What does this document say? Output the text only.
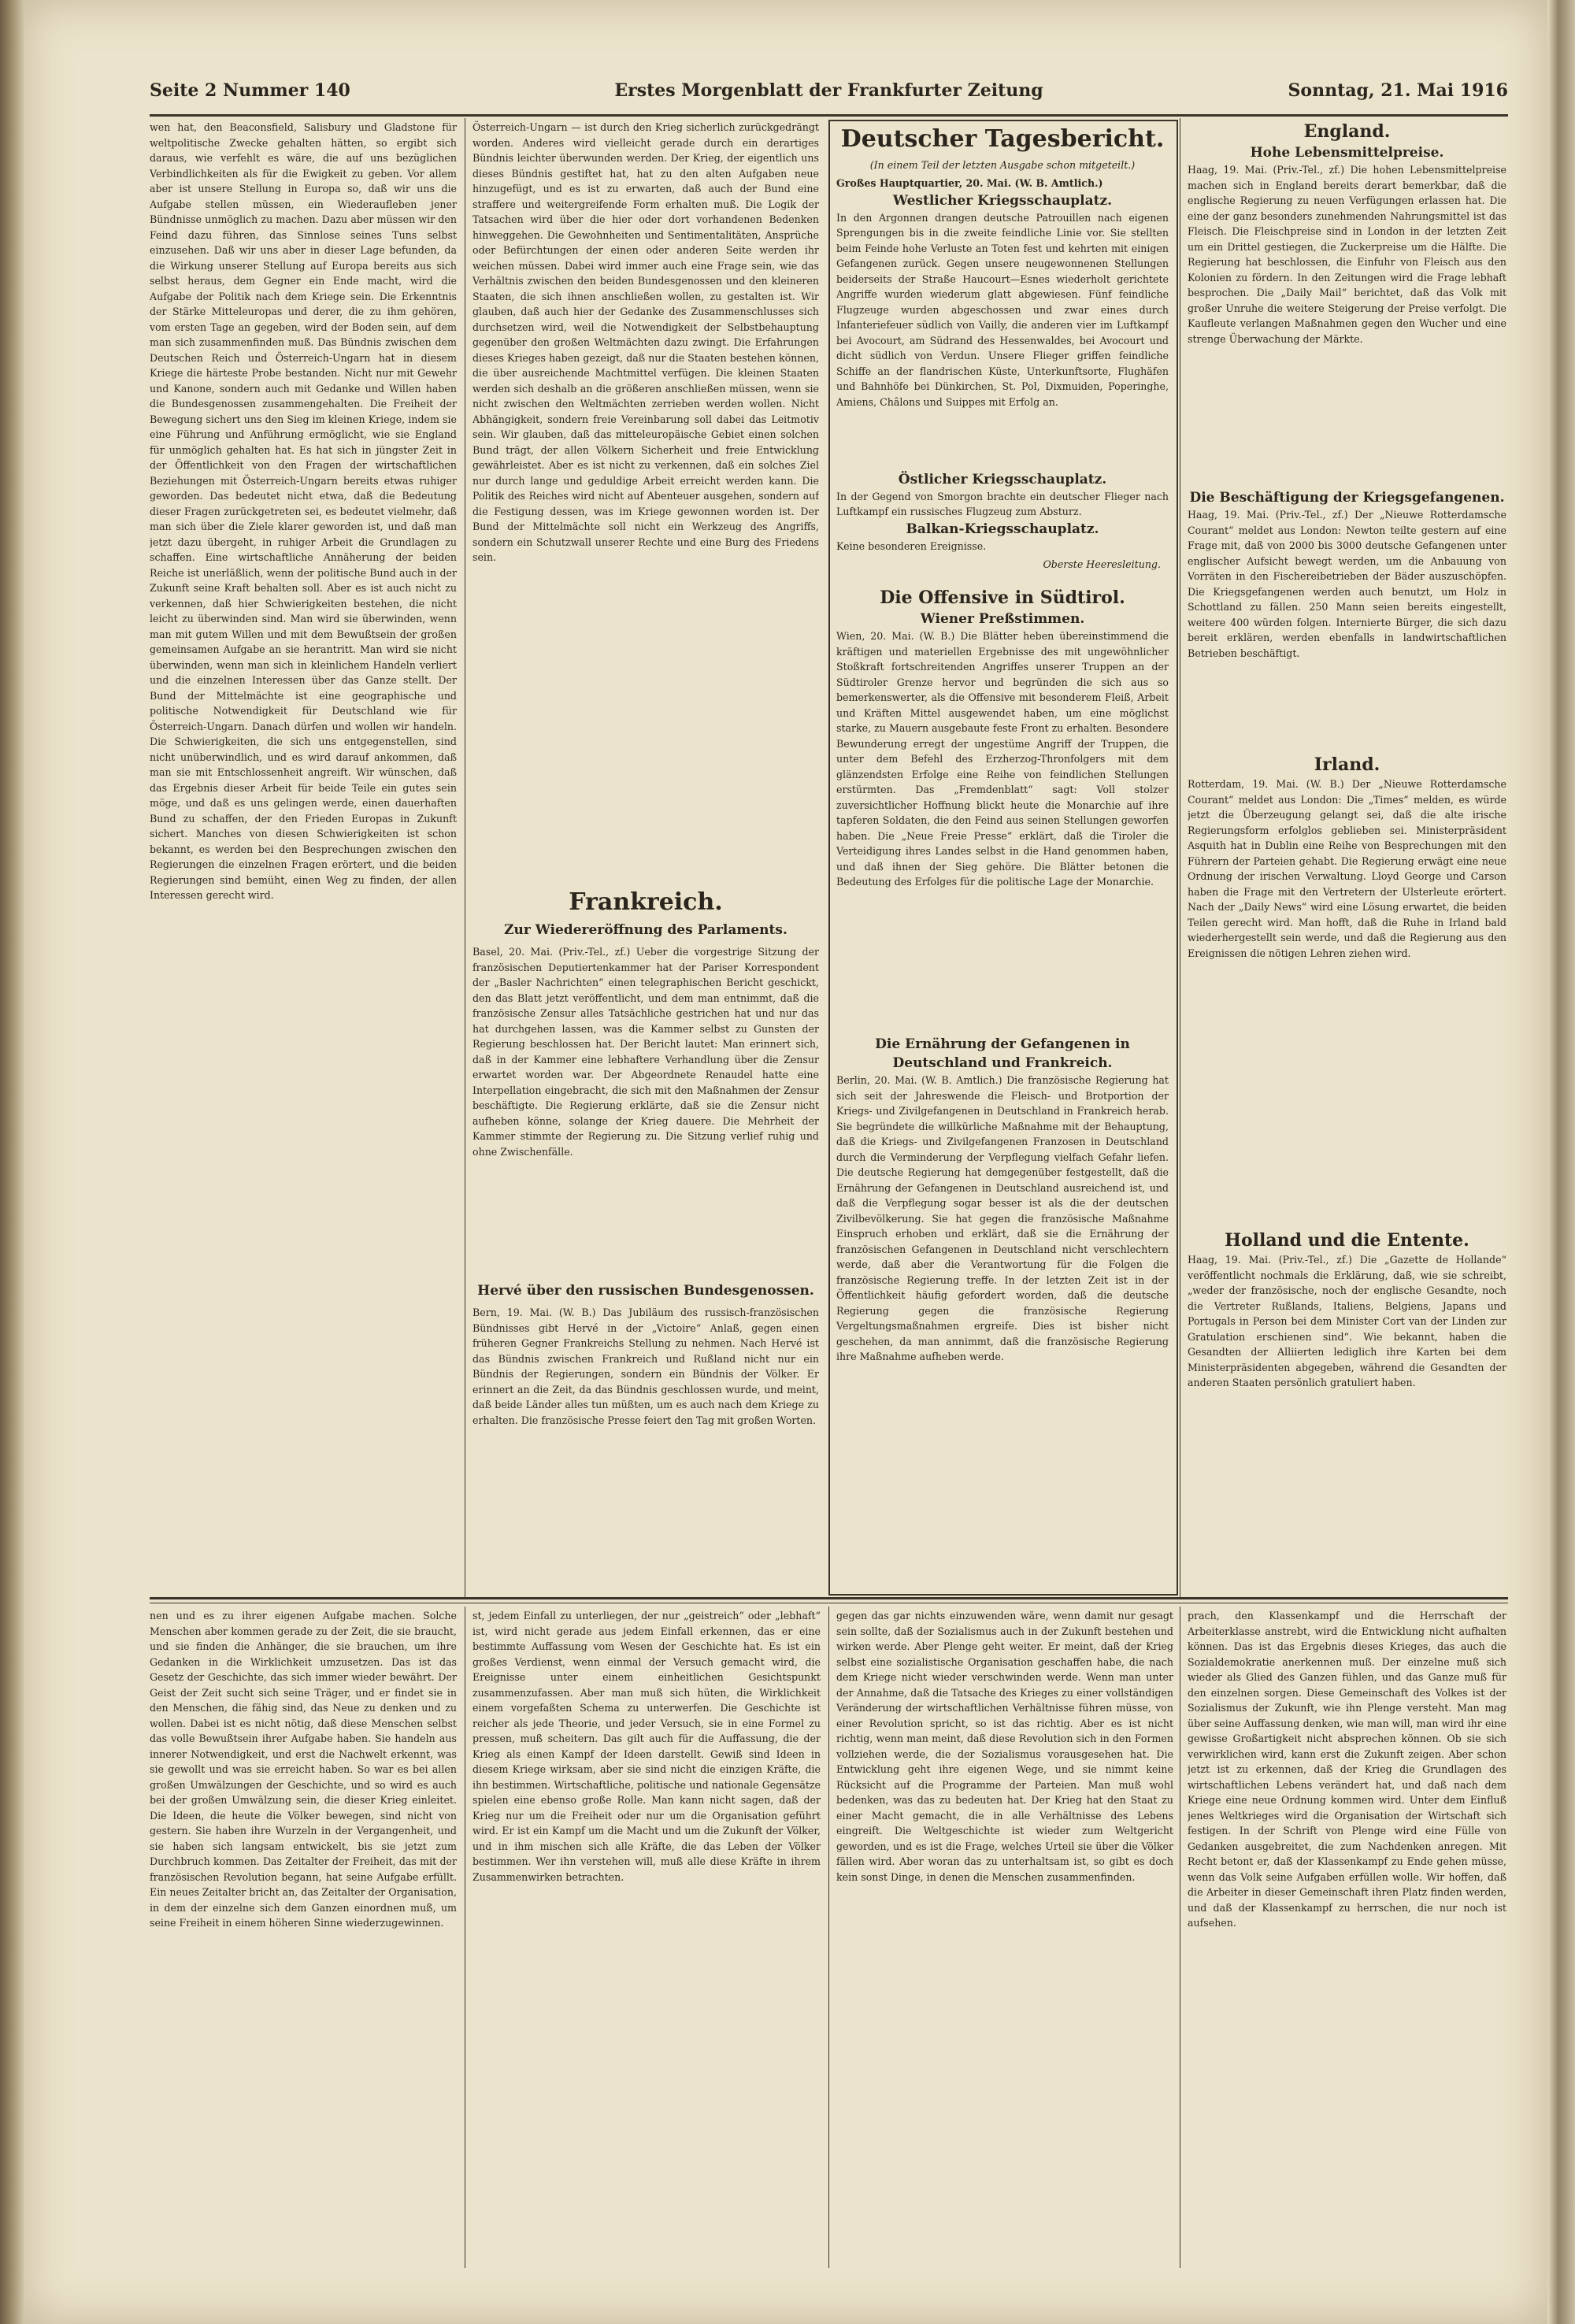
Seite 2 Nummer 140	Erstes Morgenblatt der Frankfurter Zeitung	Sonntag, 21. Mai 1916

wen hat, den Beaconsfield, Salisbury und Gladstone für weltpolitische Zwecke gehalten hätten, so ergibt sich daraus, wie verfehlt es wäre, die auf uns bezüglichen Verbindlichkeiten als für die Ewigkeit zu geben. Vor allem aber ist unsere Stellung in Europa so, daß wir uns die Aufgabe stellen müssen, ein Wiederaufleben jener Bündnisse unmöglich zu machen. Dazu aber müssen wir den Feind dazu führen, das Sinnlose seines Tuns selbst einzusehen. Daß wir uns aber in dieser Lage befunden, da die Wirkung unserer Stellung auf Europa bereits aus sich selbst heraus, dem Gegner ein Ende macht, wird die Aufgabe der Politik nach dem Kriege sein. Die Erkenntnis der Stärke Mitteleuropas und derer, die zu ihm gehören, vom ersten Tage an gegeben, wird der Boden sein, auf dem man sich zusammenfinden muß. Das Bündnis zwischen dem Deutschen Reich und Österreich-Ungarn hat in diesem Kriege die härteste Probe bestanden. Nicht nur mit Gewehr und Kanone, sondern auch mit Gedanke und Willen haben die Bundesgenossen zusammengehalten. Die Freiheit der Bewegung sichert uns den Sieg im kleinen Kriege, indem sie eine Führung und Anführung ermöglicht, wie sie England für unmöglich gehalten hat. Es hat sich in jüngster Zeit in der Öffentlichkeit von den Fragen der wirtschaftlichen Beziehungen mit Österreich-Ungarn bereits etwas ruhiger geworden. Das bedeutet nicht etwa, daß die Bedeutung dieser Fragen zurückgetreten sei, es bedeutet vielmehr, daß man sich über die Ziele klarer geworden ist, und daß man jetzt dazu übergeht, in ruhiger Arbeit die Grundlagen zu schaffen. Eine wirtschaftliche Annäherung der beiden Reiche ist unerläßlich, wenn der politische Bund auch in der Zukunft seine Kraft behalten soll. Aber es ist auch nicht zu verkennen, daß hier Schwierigkeiten bestehen, die nicht leicht zu überwinden sind. Man wird sie überwinden, wenn man mit gutem Willen und mit dem Bewußtsein der großen gemeinsamen Aufgabe an sie herantritt. Man wird sie nicht überwinden, wenn man sich in kleinlichem Handeln verliert und die einzelnen Interessen über das Ganze stellt. Der Bund der Mittelmächte ist eine geographische und politische Notwendigkeit für Deutschland wie für Österreich-Ungarn. Danach dürfen und wollen wir handeln. Die Schwierigkeiten, die sich uns entgegenstellen, sind nicht unüberwindlich, und es wird darauf ankommen, daß man sie mit Entschlossenheit angreift. Wir wünschen, daß das Ergebnis dieser Arbeit für beide Teile ein gutes sein möge, und daß es uns gelingen werde, einen dauerhaften Bund zu schaffen, der den Frieden Europas in Zukunft sichert. Manches von diesen Schwierigkeiten ist schon bekannt, es werden bei den Besprechungen zwischen den Regierungen die einzelnen Fragen erörtert, und die beiden Regierungen sind bemüht, einen Weg zu finden, der allen Interessen gerecht wird.

Österreich-Ungarn — ist durch den Krieg sicherlich zurückgedrängt worden. Anderes wird vielleicht gerade durch ein derartiges Bündnis leichter überwunden werden. Der Krieg, der eigentlich uns dieses Bündnis gestiftet hat, hat zu den alten Aufgaben neue hinzugefügt, und es ist zu erwarten, daß auch der Bund eine straffere und weitergreifende Form erhalten muß. Die Logik der Tatsachen wird über die hier oder dort vorhandenen Bedenken hinweggehen. Die Gewohnheiten und Sentimentalitäten, Ansprüche oder Befürchtungen der einen oder anderen Seite werden ihr weichen müssen. Dabei wird immer auch eine Frage sein, wie das Verhältnis zwischen den beiden Bundesgenossen und den kleineren Staaten, die sich ihnen anschließen wollen, zu gestalten ist. Wir glauben, daß auch hier der Gedanke des Zusammenschlusses sich durchsetzen wird, weil die Notwendigkeit der Selbstbehauptung gegenüber den großen Weltmächten dazu zwingt. Die Erfahrungen dieses Krieges haben gezeigt, daß nur die Staaten bestehen können, die über ausreichende Machtmittel verfügen. Die kleinen Staaten werden sich deshalb an die größeren anschließen müssen, wenn sie nicht zwischen den Weltmächten zerrieben werden wollen. Nicht Abhängigkeit, sondern freie Vereinbarung soll dabei das Leitmotiv sein. Wir glauben, daß das mitteleuropäische Gebiet einen solchen Bund trägt, der allen Völkern Sicherheit und freie Entwicklung gewährleistet. Aber es ist nicht zu verkennen, daß ein solches Ziel nur durch lange und geduldige Arbeit erreicht werden kann. Die Politik des Reiches wird nicht auf Abenteuer ausgehen, sondern auf die Festigung dessen, was im Kriege gewonnen worden ist. Der Bund der Mittelmächte soll nicht ein Werkzeug des Angriffs, sondern ein Schutzwall unserer Rechte und eine Burg des Friedens sein.

Frankreich.

Zur Wiedereröffnung des Parlaments.

Basel, 20. Mai. (Priv.-Tel., zf.) Ueber die vorgestrige Sitzung der französischen Deputiertenkammer hat der Pariser Korrespondent der „Basler Nachrichten“ einen telegraphischen Bericht geschickt, den das Blatt jetzt veröffentlicht, und dem man entnimmt, daß die französische Zensur alles Tatsächliche gestrichen hat und nur das hat durchgehen lassen, was die Kammer selbst zu Gunsten der Regierung beschlossen hat. Der Bericht lautet: Man erinnert sich, daß in der Kammer eine lebhaftere Verhandlung über die Zensur erwartet worden war. Der Abgeordnete Renaudel hatte eine Interpellation eingebracht, die sich mit den Maßnahmen der Zensur beschäftigte. Die Regierung erklärte, daß sie die Zensur nicht aufheben könne, solange der Krieg dauere. Die Mehrheit der Kammer stimmte der Regierung zu. Die Sitzung verlief ruhig und ohne Zwischenfälle.

Hervé über den russischen Bundesgenossen.

Bern, 19. Mai. (W. B.) Das Jubiläum des russisch-französischen Bündnisses gibt Hervé in der „Victoire“ Anlaß, gegen einen früheren Gegner Frankreichs Stellung zu nehmen. Nach Hervé ist das Bündnis zwischen Frankreich und Rußland nicht nur ein Bündnis der Regierungen, sondern ein Bündnis der Völker. Er erinnert an die Zeit, da das Bündnis geschlossen wurde, und meint, daß beide Länder alles tun müßten, um es auch nach dem Kriege zu erhalten. Die französische Presse feiert den Tag mit großen Worten.

Deutscher Tagesbericht.

(In einem Teil der letzten Ausgabe schon mitgeteilt.)

Großes Hauptquartier, 20. Mai. (W. B. Amtlich.)

Westlicher Kriegsschauplatz.

In den Argonnen drangen deutsche Patrouillen nach eigenen Sprengungen bis in die zweite feindliche Linie vor. Sie stellten beim Feinde hohe Verluste an Toten fest und kehrten mit einigen Gefangenen zurück. Gegen unsere neugewonnenen Stellungen beiderseits der Straße Haucourt—Esnes wiederholt gerichtete Angriffe wurden wiederum glatt abgewiesen. Fünf feindliche Flugzeuge wurden abgeschossen und zwar eines durch Infanteriefeuer südlich von Vailly, die anderen vier im Luftkampf bei Avocourt, am Südrand des Hessenwaldes, bei Avocourt und dicht südlich von Verdun. Unsere Flieger griffen feindliche Schiffe an der flandrischen Küste, Unterkunftsorte, Flughäfen und Bahnhöfe bei Dünkirchen, St. Pol, Dixmuiden, Poperinghe, Amiens, Châlons und Suippes mit Erfolg an.

Östlicher Kriegsschauplatz.

In der Gegend von Smorgon brachte ein deutscher Flieger nach Luftkampf ein russisches Flugzeug zum Absturz.

Balkan-Kriegsschauplatz.

Keine besonderen Ereignisse.

Oberste Heeresleitung.

Die Offensive in Südtirol.

Wiener Preßstimmen.

Wien, 20. Mai. (W. B.) Die Blätter heben übereinstimmend die kräftigen und materiellen Ergebnisse des mit ungewöhnlicher Stoßkraft fortschreitenden Angriffes unserer Truppen an der Südtiroler Grenze hervor und begründen die sich aus so bemerkenswerter, als die Offensive mit besonderem Fleiß, Arbeit und Kräften Mittel ausgewendet haben, um eine möglichst starke, zu Mauern ausgebaute feste Front zu erhalten. Besondere Bewunderung erregt der ungestüme Angriff der Truppen, die unter dem Befehl des Erzherzog-Thronfolgers mit dem glänzendsten Erfolge eine Reihe von feindlichen Stellungen erstürmten. Das „Fremdenblatt“ sagt: Voll stolzer zuversichtlicher Hoffnung blickt heute die Monarchie auf ihre tapferen Soldaten, die den Feind aus seinen Stellungen geworfen haben. Die „Neue Freie Presse“ erklärt, daß die Tiroler die Verteidigung ihres Landes selbst in die Hand genommen haben, und daß ihnen der Sieg gehöre. Die Blätter betonen die Bedeutung des Erfolges für die politische Lage der Monarchie.

Die Ernährung der Gefangenen in Deutschland und Frankreich.

Berlin, 20. Mai. (W. B. Amtlich.) Die französische Regierung hat sich seit der Jahreswende die Fleisch- und Brotportion der Kriegs- und Zivilgefangenen in Deutschland in Frankreich herab. Sie begründete die willkürliche Maßnahme mit der Behauptung, daß die Kriegs- und Zivilgefangenen Franzosen in Deutschland durch die Verminderung der Verpflegung vielfach Gefahr liefen. Die deutsche Regierung hat demgegenüber festgestellt, daß die Ernährung der Gefangenen in Deutschland ausreichend ist, und daß die Verpflegung sogar besser ist als die der deutschen Zivilbevölkerung. Sie hat gegen die französische Maßnahme Einspruch erhoben und erklärt, daß sie die Ernährung der französischen Gefangenen in Deutschland nicht verschlechtern werde, daß aber die Verantwortung für die Folgen die französische Regierung treffe. In der letzten Zeit ist in der Öffentlichkeit häufig gefordert worden, daß die deutsche Regierung gegen die französische Regierung Vergeltungsmaßnahmen ergreife. Dies ist bisher nicht geschehen, da man annimmt, daß die französische Regierung ihre Maßnahme aufheben werde.

England.

Hohe Lebensmittelpreise.

Haag, 19. Mai. (Priv.-Tel., zf.) Die hohen Lebensmittelpreise machen sich in England bereits derart bemerkbar, daß die englische Regierung zu neuen Verfügungen erlassen hat. Die eine der ganz besonders zunehmenden Nahrungsmittel ist das Fleisch. Die Fleischpreise sind in London in der letzten Zeit um ein Drittel gestiegen, die Zuckerpreise um die Hälfte. Die Regierung hat beschlossen, die Einfuhr von Fleisch aus den Kolonien zu fördern. In den Zeitungen wird die Frage lebhaft besprochen. Die „Daily Mail“ berichtet, daß das Volk mit großer Unruhe die weitere Steigerung der Preise verfolgt. Die Kaufleute verlangen Maßnahmen gegen den Wucher und eine strenge Überwachung der Märkte.

Die Beschäftigung der Kriegsgefangenen.

Haag, 19. Mai. (Priv.-Tel., zf.) Der „Nieuwe Rotterdamsche Courant“ meldet aus London: Newton teilte gestern auf eine Frage mit, daß von 2000 bis 3000 deutsche Gefangenen unter englischer Aufsicht bewegt werden, um die Anbauung von Vorräten in den Fischereibetrieben der Bäder auszuschöpfen. Die Kriegsgefangenen werden auch benutzt, um Holz in Schottland zu fällen. 250 Mann seien bereits eingestellt, weitere 400 würden folgen. Internierte Bürger, die sich dazu bereit erklären, werden ebenfalls in landwirtschaftlichen Betrieben beschäftigt.

Irland.

Rotterdam, 19. Mai. (W. B.) Der „Nieuwe Rotterdamsche Courant“ meldet aus London: Die „Times“ melden, es würde jetzt die Überzeugung gelangt sei, daß die alte irische Regierungsform erfolglos geblieben sei. Ministerpräsident Asquith hat in Dublin eine Reihe von Besprechungen mit den Führern der Parteien gehabt. Die Regierung erwägt eine neue Ordnung der irischen Verwaltung. Lloyd George und Carson haben die Frage mit den Vertretern der Ulsterleute erörtert. Nach der „Daily News“ wird eine Lösung erwartet, die beiden Teilen gerecht wird. Man hofft, daß die Ruhe in Irland bald wiederhergestellt sein werde, und daß die Regierung aus den Ereignissen die nötigen Lehren ziehen wird.

Holland und die Entente.

Haag, 19. Mai. (Priv.-Tel., zf.) Die „Gazette de Hollande“ veröffentlicht nochmals die Erklärung, daß, wie sie schreibt, „weder der französische, noch der englische Gesandte, noch die Vertreter Rußlands, Italiens, Belgiens, Japans und Portugals in Person bei dem Minister Cort van der Linden zur Gratulation erschienen sind“. Wie bekannt, haben die Gesandten der Alliierten lediglich ihre Karten bei dem Ministerpräsidenten abgegeben, während die Gesandten der anderen Staaten persönlich gratuliert haben.

nen und es zu ihrer eigenen Aufgabe machen. Solche Menschen aber kommen gerade zu der Zeit, die sie braucht, und sie finden die Anhänger, die sie brauchen, um ihre Gedanken in die Wirklichkeit umzusetzen. Das ist das Gesetz der Geschichte, das sich immer wieder bewährt. Der Geist der Zeit sucht sich seine Träger, und er findet sie in den Menschen, die fähig sind, das Neue zu denken und zu wollen. Dabei ist es nicht nötig, daß diese Menschen selbst das volle Bewußtsein ihrer Aufgabe haben. Sie handeln aus innerer Notwendigkeit, und erst die Nachwelt erkennt, was sie gewollt und was sie erreicht haben. So war es bei allen großen Umwälzungen der Geschichte, und so wird es auch bei der großen Umwälzung sein, die dieser Krieg einleitet. Die Ideen, die heute die Völker bewegen, sind nicht von gestern. Sie haben ihre Wurzeln in der Vergangenheit, und sie haben sich langsam entwickelt, bis sie jetzt zum Durchbruch kommen. Das Zeitalter der Freiheit, das mit der französischen Revolution begann, hat seine Aufgabe erfüllt. Ein neues Zeitalter bricht an, das Zeitalter der Organisation, in dem der einzelne sich dem Ganzen einordnen muß, um seine Freiheit in einem höheren Sinne wiederzugewinnen.

st, jedem Einfall zu unterliegen, der nur „geistreich“ oder „lebhaft“ ist, wird nicht gerade aus jedem Einfall erkennen, das er eine bestimmte Auffassung vom Wesen der Geschichte hat. Es ist ein großes Verdienst, wenn einmal der Versuch gemacht wird, die Ereignisse unter einem einheitlichen Gesichtspunkt zusammenzufassen. Aber man muß sich hüten, die Wirklichkeit einem vorgefaßten Schema zu unterwerfen. Die Geschichte ist reicher als jede Theorie, und jeder Versuch, sie in eine Formel zu pressen, muß scheitern. Das gilt auch für die Auffassung, die der Krieg als einen Kampf der Ideen darstellt. Gewiß sind Ideen in diesem Kriege wirksam, aber sie sind nicht die einzigen Kräfte, die ihn bestimmen. Wirtschaftliche, politische und nationale Gegensätze spielen eine ebenso große Rolle. Man kann nicht sagen, daß der Krieg nur um die Freiheit oder nur um die Organisation geführt wird. Er ist ein Kampf um die Macht und um die Zukunft der Völker, und in ihm mischen sich alle Kräfte, die das Leben der Völker bestimmen. Wer ihn verstehen will, muß alle diese Kräfte in ihrem Zusammenwirken betrachten.

gegen das gar nichts einzuwenden wäre, wenn damit nur gesagt sein sollte, daß der Sozialismus auch in der Zukunft bestehen und wirken werde. Aber Plenge geht weiter. Er meint, daß der Krieg selbst eine sozialistische Organisation geschaffen habe, die nach dem Kriege nicht wieder verschwinden werde. Wenn man unter der Annahme, daß die Tatsache des Krieges zu einer vollständigen Veränderung der wirtschaftlichen Verhältnisse führen müsse, von einer Revolution spricht, so ist das richtig. Aber es ist nicht richtig, wenn man meint, daß diese Revolution sich in den Formen vollziehen werde, die der Sozialismus vorausgesehen hat. Die Entwicklung geht ihre eigenen Wege, und sie nimmt keine Rücksicht auf die Programme der Parteien. Man muß wohl bedenken, was das zu bedeuten hat. Der Krieg hat den Staat zu einer Macht gemacht, die in alle Verhältnisse des Lebens eingreift. Die Weltgeschichte ist wieder zum Weltgericht geworden, und es ist die Frage, welches Urteil sie über die Völker fällen wird. Aber woran das zu unterhaltsam ist, so gibt es doch kein sonst Dinge, in denen die Menschen zusammenfinden.

prach, den Klassenkampf und die Herrschaft der Arbeiterklasse anstrebt, wird die Entwicklung nicht aufhalten können. Das ist das Ergebnis dieses Krieges, das auch die Sozialdemokratie anerkennen muß. Der einzelne muß sich wieder als Glied des Ganzen fühlen, und das Ganze muß für den einzelnen sorgen. Diese Gemeinschaft des Volkes ist der Sozialismus der Zukunft, wie ihn Plenge versteht. Man mag über seine Auffassung denken, wie man will, man wird ihr eine gewisse Großartigkeit nicht absprechen können. Ob sie sich verwirklichen wird, kann erst die Zukunft zeigen. Aber schon jetzt ist zu erkennen, daß der Krieg die Grundlagen des wirtschaftlichen Lebens verändert hat, und daß nach dem Kriege eine neue Ordnung kommen wird. Unter dem Einfluß jenes Weltkrieges wird die Organisation der Wirtschaft sich festigen. In der Schrift von Plenge wird eine Fülle von Gedanken ausgebreitet, die zum Nachdenken anregen. Mit Recht betont er, daß der Klassenkampf zu Ende gehen müsse, wenn das Volk seine Aufgaben erfüllen wolle. Wir hoffen, daß die Arbeiter in dieser Gemeinschaft ihren Platz finden werden, und daß der Klassenkampf zu herrschen, die nur noch ist aufsehen.
